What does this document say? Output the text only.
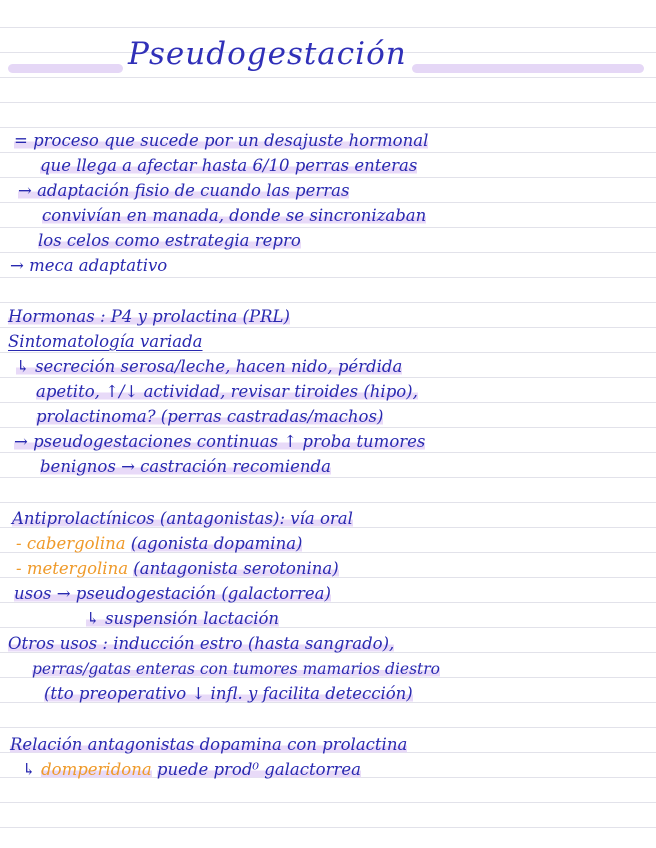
Pseudogestación
= proceso que sucede por un desajuste hormonal
que llega a afectar hasta 6/10 perras enteras
→ adaptación fisio de cuando las perras
convivían en manada, donde se sincronizaban
los celos como estrategia repro
→ meca adaptativo
Hormonas : P4 y prolactina (PRL)
Sintomatología variada
↳ secreción serosa/leche, hacen nido, pérdida
apetito, ↑/↓ actividad, revisar tiroides (hipo),
prolactinoma? (perras castradas/machos)
→ pseudogestaciones continuas ↑ proba tumores
benignos → castración recomienda
Antiprolactínicos (antagonistas): vía oral
- cabergolina (agonista dopamina)
- metergolina (antagonista serotonina)
usos → pseudogestación (galactorrea)
↳ suspensión lactación
Otros usos : inducción estro (hasta sangrado),
perras/gatas enteras con tumores mamarios diestro
(tto preoperativo ↓ infl. y facilita detección)
Relación antagonistas dopamina con prolactina
↳ domperidona puede prod⁰ galactorrea
